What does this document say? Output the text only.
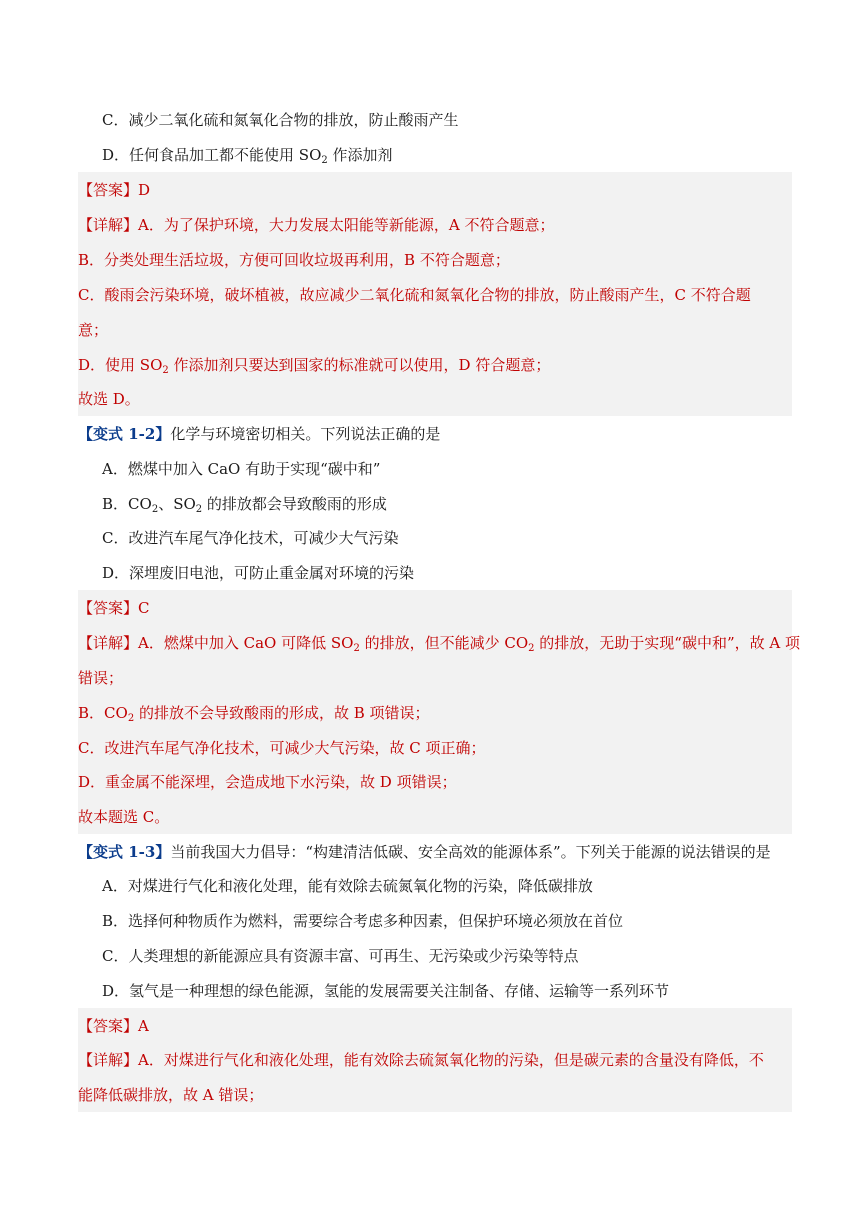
C．减少二氧化硫和氮氧化合物的排放，防止酸雨产生
D．任何食品加工都不能使用 $SO_2$ 作添加剂
【答案】D
【详解】A．为了保护环境，大力发展太阳能等新能源，A 不符合题意；
B．分类处理生活垃圾，方便可回收垃圾再利用，B 不符合题意；
C．酸雨会污染环境，破坏植被，故应减少二氧化硫和氮氧化合物的排放，防止酸雨产生，C 不符合题
意；
D．使用 $SO_2$ 作添加剂只要达到国家的标准就可以使用，D 符合题意；
故选 D。
【变式 1-2】化学与环境密切相关。下列说法正确的是
A．燃煤中加入 CaO 有助于实现“碳中和”
B．$CO_2$、$SO_2$ 的排放都会导致酸雨的形成
C．改进汽车尾气净化技术，可减少大气污染
D．深埋废旧电池，可防止重金属对环境的污染
【答案】C
【详解】A．燃煤中加入 CaO 可降低 $SO_2$ 的排放，但不能减少 $CO_2$ 的排放，无助于实现“碳中和”，故 A 项
错误；
B．$CO_2$ 的排放不会导致酸雨的形成，故 B 项错误；
C．改进汽车尾气净化技术，可减少大气污染，故 C 项正确；
D．重金属不能深埋，会造成地下水污染，故 D 项错误；
故本题选 C。
【变式 1-3】当前我国大力倡导：“构建清洁低碳、安全高效的能源体系”。下列关于能源的说法错误的是
A．对煤进行气化和液化处理，能有效除去硫氮氧化物的污染，降低碳排放
B．选择何种物质作为燃料，需要综合考虑多种因素，但保护环境必须放在首位
C．人类理想的新能源应具有资源丰富、可再生、无污染或少污染等特点
D．氢气是一种理想的绿色能源，氢能的发展需要关注制备、存储、运输等一系列环节
【答案】A
【详解】A．对煤进行气化和液化处理，能有效除去硫氮氧化物的污染，但是碳元素的含量没有降低，不
能降低碳排放，故 A 错误；
